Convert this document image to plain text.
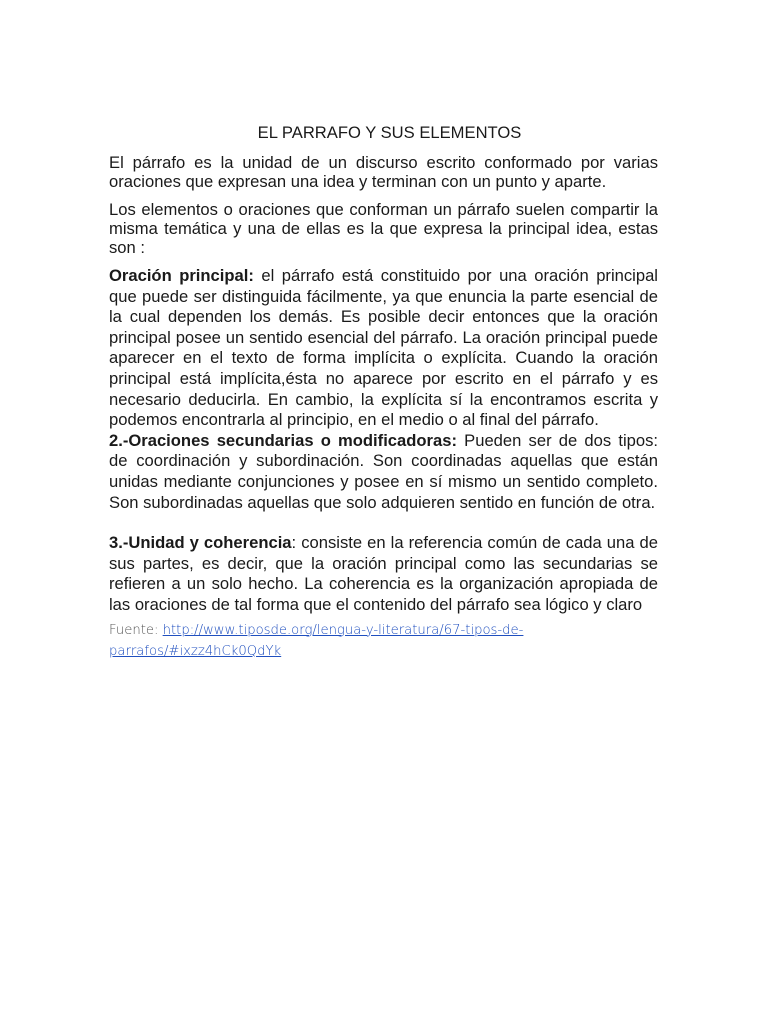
EL PARRAFO Y SUS ELEMENTOS

El párrafo es la unidad de un discurso escrito conformado por varias oraciones que expresan una idea y terminan con un punto y aparte.

Los elementos o oraciones que conforman un párrafo suelen compartir la misma temática y una de ellas es la que expresa la principal idea, estas son :

Oración principal: el párrafo está constituido por una oración principal que puede ser distinguida fácilmente, ya que enuncia la parte esencial de la cual dependen los demás. Es posible decir entonces que la oración principal posee un sentido esencial del párrafo. La oración principal puede aparecer en el texto de forma implícita o explícita. Cuando la oración principal está implícita,ésta no aparece por escrito en el párrafo y es necesario deducirla. En cambio, la explícita sí la encontramos escrita y podemos encontrarla al principio, en el medio o al final del párrafo.

2.-Oraciones secundarias o modificadoras: Pueden ser de dos tipos: de coordinación y subordinación. Son coordinadas aquellas que están unidas mediante conjunciones y posee en sí mismo un sentido completo. Son subordinadas aquellas que solo adquieren sentido en función de otra.

3.-Unidad y coherencia: consiste en la referencia común de cada una de sus partes, es decir, que la oración principal como las secundarias se refieren a un solo hecho. La coherencia es la organización apropiada de las oraciones de tal forma que el contenido del párrafo sea lógico y claro

Fuente: http://www.tiposde.org/lengua-y-literatura/67-tipos-de-parrafos/#ixzz4hCk0QdYk
